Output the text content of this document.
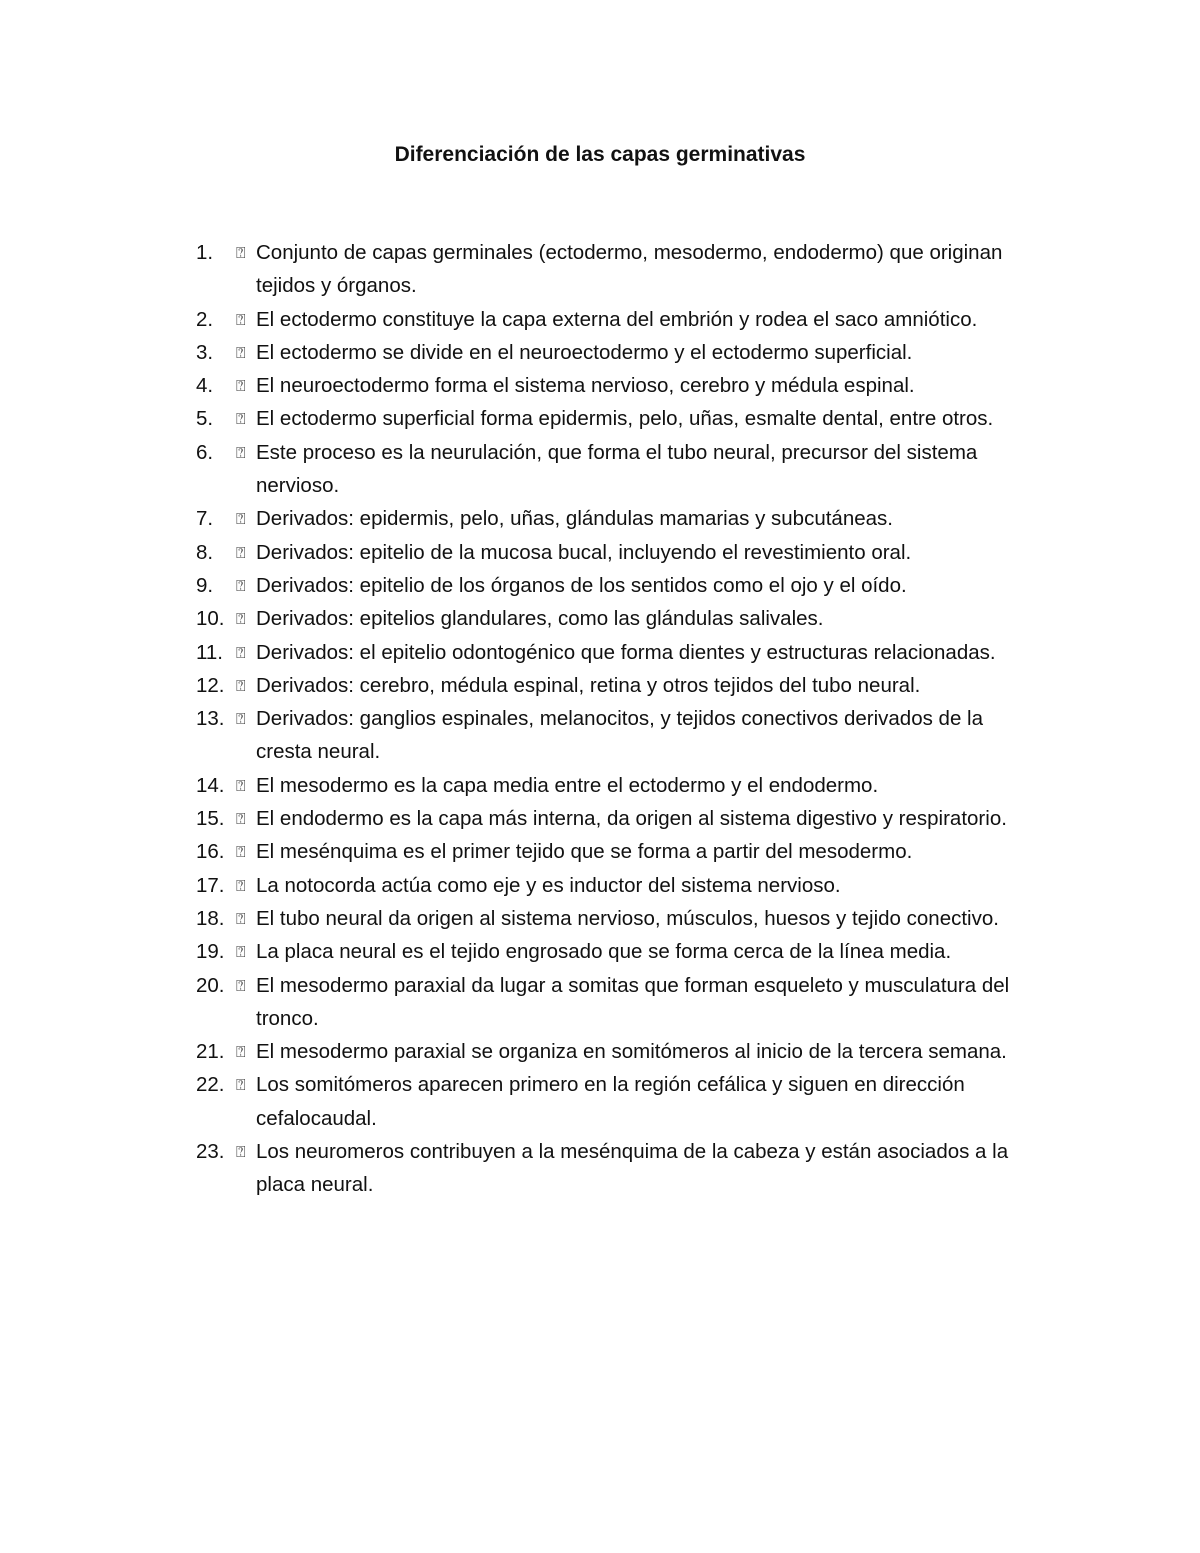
Diferenciación de las capas germinativas
1.	⍰ Conjunto de capas germinales (ectodermo, mesodermo, endodermo) que originan tejidos y órganos.
2.	⍰ El ectodermo constituye la capa externa del embrión y rodea el saco amniótico.
3.	⍰ El ectodermo se divide en el neuroectodermo y el ectodermo superficial.
4.	⍰ El neuroectodermo forma el sistema nervioso, cerebro y médula espinal.
5.	⍰ El ectodermo superficial forma epidermis, pelo, uñas, esmalte dental, entre otros.
6.	⍰ Este proceso es la neurulación, que forma el tubo neural, precursor del sistema nervioso.
7.	⍰ Derivados: epidermis, pelo, uñas, glándulas mamarias y subcutáneas.
8.	⍰ Derivados: epitelio de la mucosa bucal, incluyendo el revestimiento oral.
9.	⍰ Derivados: epitelio de los órganos de los sentidos como el ojo y el oído.
10. ⍰ Derivados: epitelios glandulares, como las glándulas salivales.
11. ⍰ Derivados: el epitelio odontogénico que forma dientes y estructuras relacionadas.
12. ⍰ Derivados: cerebro, médula espinal, retina y otros tejidos del tubo neural.
13. ⍰ Derivados: ganglios espinales, melanocitos, y tejidos conectivos derivados de la cresta neural.
14. ⍰ El mesodermo es la capa media entre el ectodermo y el endodermo.
15. ⍰ El endodermo es la capa más interna, da origen al sistema digestivo y respiratorio.
16. ⍰ El mesénquima es el primer tejido que se forma a partir del mesodermo.
17. ⍰ La notocorda actúa como eje y es inductor del sistema nervioso.
18. ⍰ El tubo neural da origen al sistema nervioso, músculos, huesos y tejido conectivo.
19. ⍰ La placa neural es el tejido engrosado que se forma cerca de la línea media.
20. ⍰ El mesodermo paraxial da lugar a somitas que forman esqueleto y musculatura del tronco.
21. ⍰ El mesodermo paraxial se organiza en somitómeros al inicio de la tercera semana.
22. ⍰ Los somitómeros aparecen primero en la región cefálica y siguen en dirección cefalocaudal.
23. ⍰ Los neuromeros contribuyen a la mesénquima de la cabeza y están asociados a la placa neural.
